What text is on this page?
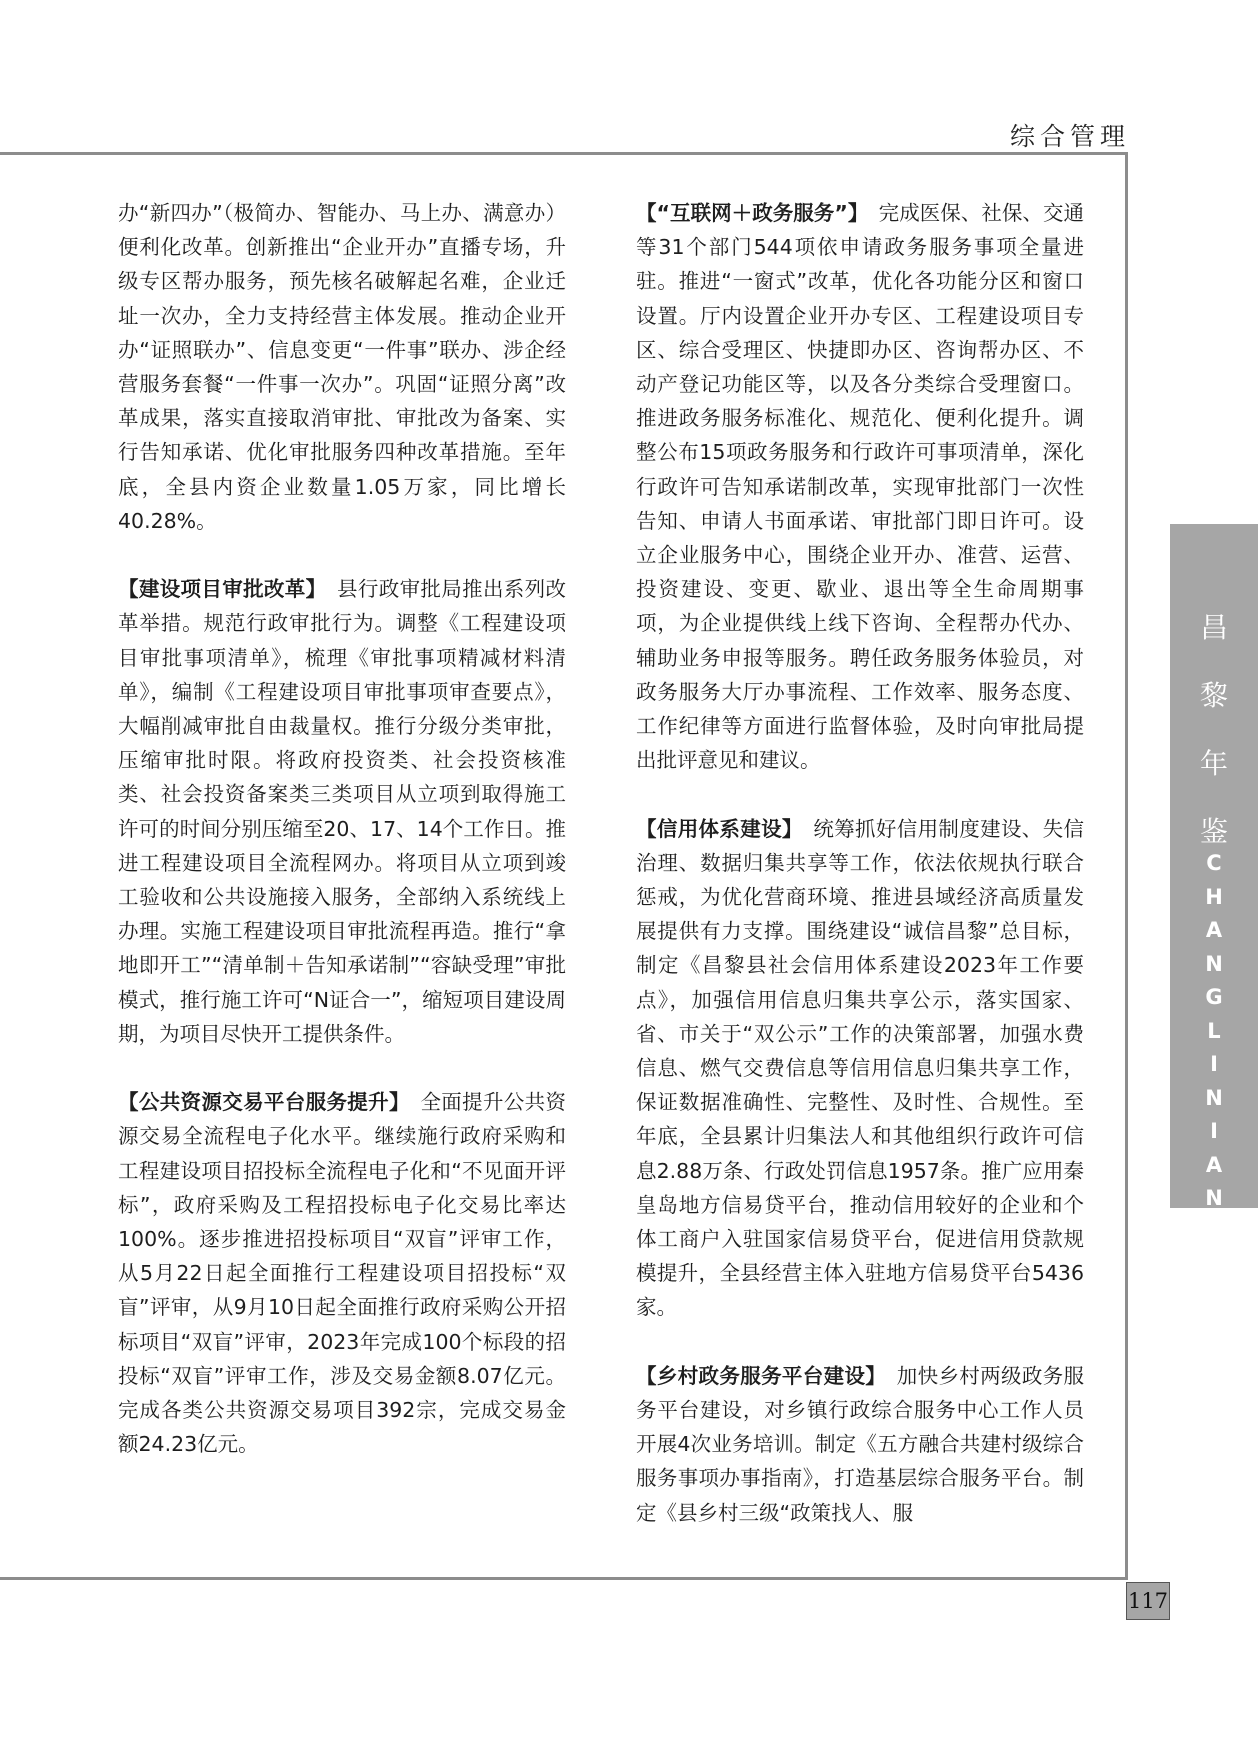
综合管理
昌
黎
年
鉴
C
H
A
N
G
L
I
N
I
A
N
J
I
A
N
117

办“新四办”（极简办、智能办、马上办、满意办）便利化改革。创新推出“企业开办”直播专场，升级专区帮办服务，预先核名破解起名难，企业迁址一次办，全力支持经营主体发展。推动企业开办“证照联办”、信息变更“一件事”联办、涉企经营服务套餐“一件事一次办”。巩固“证照分离”改革成果，落实直接取消审批、审批改为备案、实行告知承诺、优化审批服务四种改革措施。至年底，全县内资企业数量1.05万家，同比增长40.28%。

【建设项目审批改革】　县行政审批局推出系列改革举措。规范行政审批行为。调整《工程建设项目审批事项清单》，梳理《审批事项精减材料清单》，编制《工程建设项目审批事项审查要点》，大幅削减审批自由裁量权。推行分级分类审批，压缩审批时限。将政府投资类、社会投资核准类、社会投资备案类三类项目从立项到取得施工许可的时间分别压缩至20、17、14个工作日。推进工程建设项目全流程网办。将项目从立项到竣工验收和公共设施接入服务，全部纳入系统线上办理。实施工程建设项目审批流程再造。推行“拿地即开工”“清单制＋告知承诺制”“容缺受理”审批模式，推行施工许可“N证合一”，缩短项目建设周期，为项目尽快开工提供条件。

【公共资源交易平台服务提升】　全面提升公共资源交易全流程电子化水平。继续施行政府采购和工程建设项目招投标全流程电子化和“不见面开评标”，政府采购及工程招投标电子化交易比率达100%。逐步推进招投标项目“双盲”评审工作，从5月22日起全面推行工程建设项目招投标“双盲”评审，从9月10日起全面推行政府采购公开招标项目“双盲”评审，2023年完成100个标段的招投标“双盲”评审工作，涉及交易金额8.07亿元。完成各类公共资源交易项目392宗，完成交易金额24.23亿元。

【“互联网＋政务服务”】　完成医保、社保、交通等31个部门544项依申请政务服务事项全量进驻。推进“一窗式”改革，优化各功能分区和窗口设置。厅内设置企业开办专区、工程建设项目专区、综合受理区、快捷即办区、咨询帮办区、不动产登记功能区等，以及各分类综合受理窗口。推进政务服务标准化、规范化、便利化提升。调整公布15项政务服务和行政许可事项清单，深化行政许可告知承诺制改革，实现审批部门一次性告知、申请人书面承诺、审批部门即日许可。设立企业服务中心，围绕企业开办、准营、运营、投资建设、变更、歇业、退出等全生命周期事项，为企业提供线上线下咨询、全程帮办代办、辅助业务申报等服务。聘任政务服务体验员，对政务服务大厅办事流程、工作效率、服务态度、工作纪律等方面进行监督体验，及时向审批局提出批评意见和建议。

【信用体系建设】　统筹抓好信用制度建设、失信治理、数据归集共享等工作，依法依规执行联合惩戒，为优化营商环境、推进县域经济高质量发展提供有力支撑。围绕建设“诚信昌黎”总目标，制定《昌黎县社会信用体系建设2023年工作要点》，加强信用信息归集共享公示，落实国家、省、市关于“双公示”工作的决策部署，加强水费信息、燃气交费信息等信用信息归集共享工作，保证数据准确性、完整性、及时性、合规性。至年底，全县累计归集法人和其他组织行政许可信息2.88万条、行政处罚信息1957条。推广应用秦皇岛地方信易贷平台，推动信用较好的企业和个体工商户入驻国家信易贷平台，促进信用贷款规模提升，全县经营主体入驻地方信易贷平台5436家。

【乡村政务服务平台建设】　加快乡村两级政务服务平台建设，对乡镇行政综合服务中心工作人员开展4次业务培训。制定《五方融合共建村级综合服务事项办事指南》，打造基层综合服务平台。制定《县乡村三级“政策找人、服
